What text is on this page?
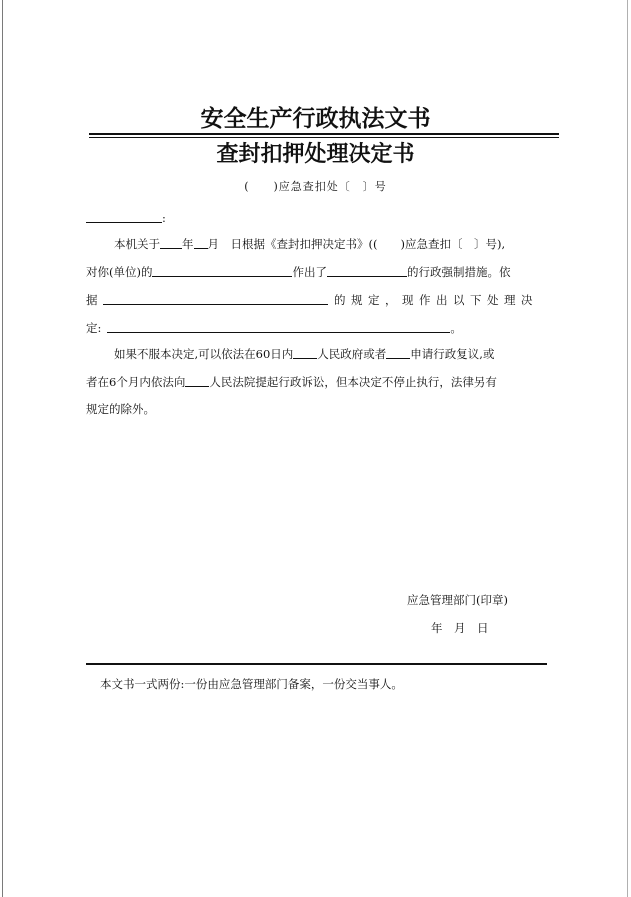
安全生产行政执法文书
查封扣押处理决定书
(　　)应急查扣处〔　〕号
:
本机关于 年 月　日根据《查封扣押决定书》((　　)应急查扣〔　〕号),
对你(单位)的	作出了	的行政强制措施。依
据	的规定，现作出以下处理决
定:	。
如果不服本决定,可以依法在60日内 人民政府或者 申请行政复议,或
者在6个月内依法向 人民法院提起行政诉讼，但本决定不停止执行，法律另有
规定的除外。
应急管理部门(印章)
年　月　日
本文书一式两份:一份由应急管理部门备案，一份交当事人。
